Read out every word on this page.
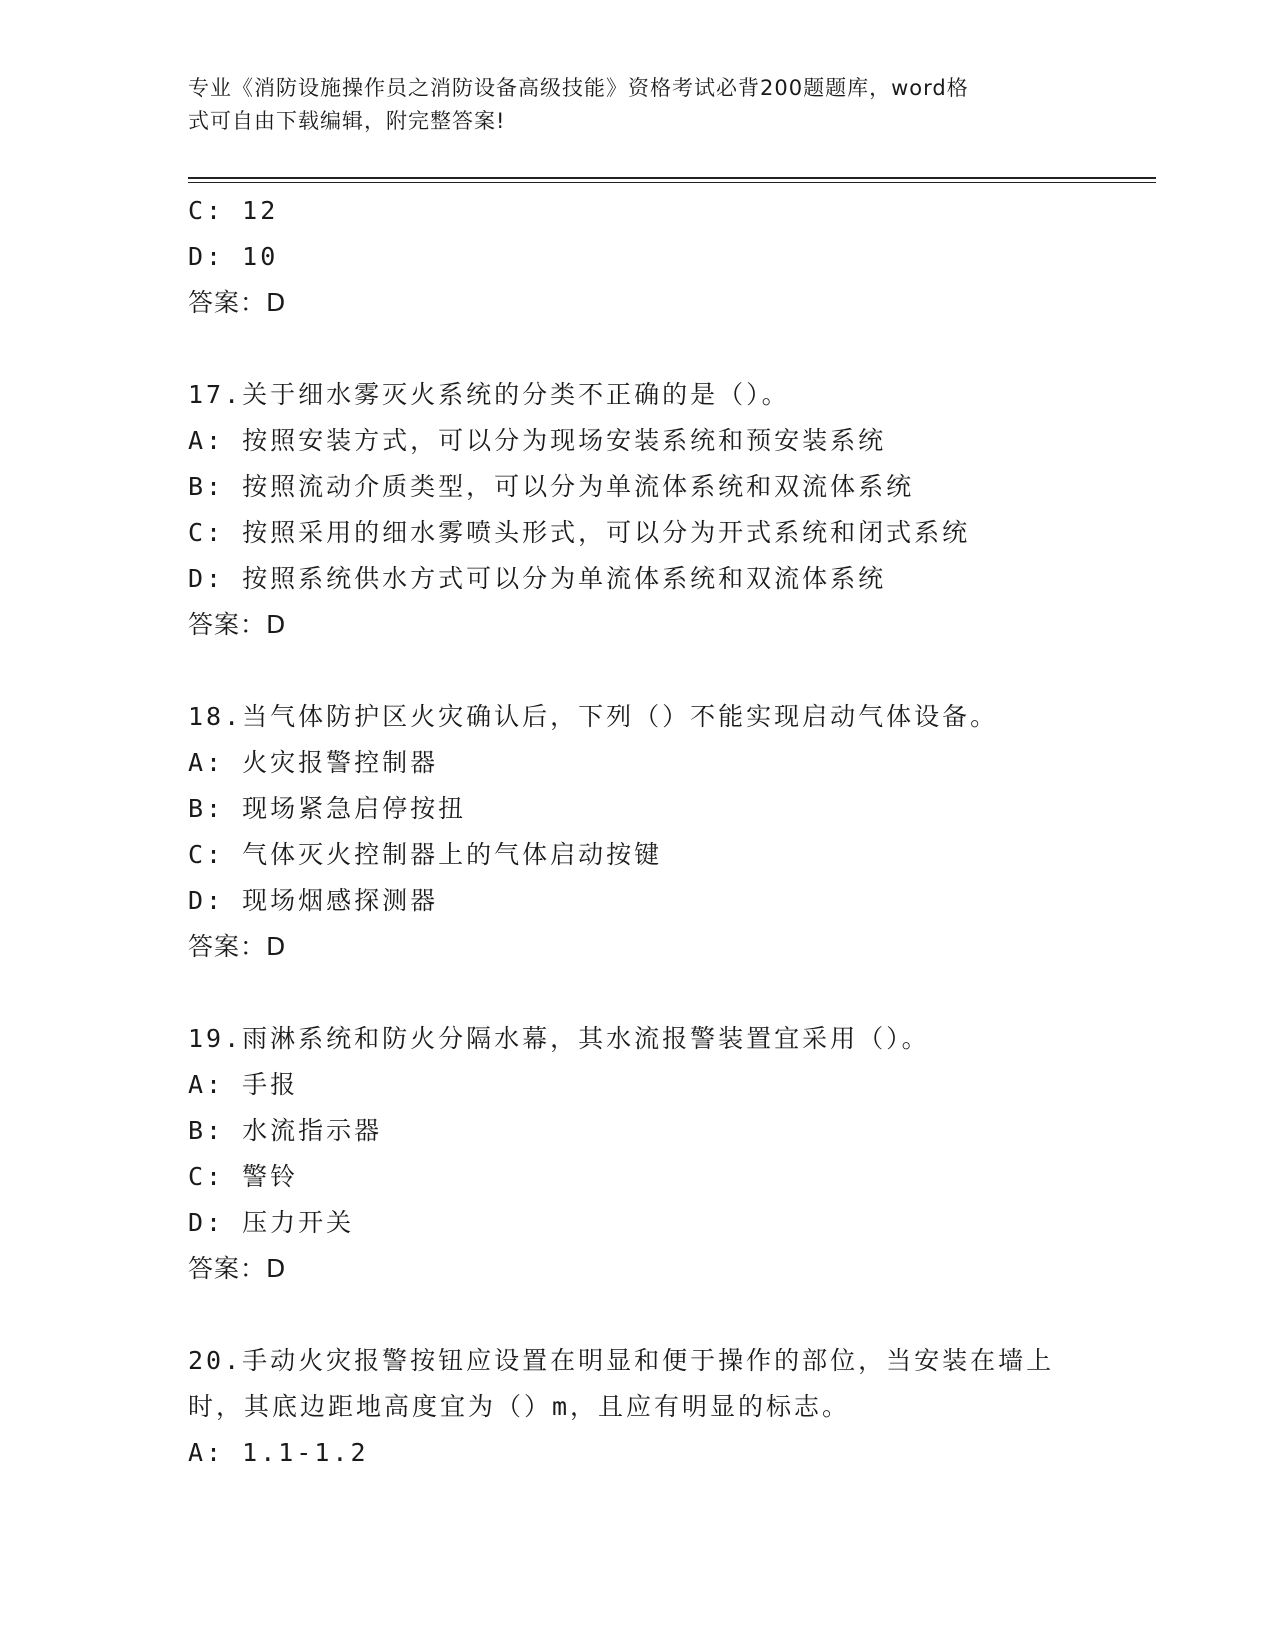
专业《消防设施操作员之消防设备高级技能》资格考试必背200题题库，word格
式可自由下载编辑，附完整答案!
C: 12
D: 10
答案：D
17.关于细水雾灭火系统的分类不正确的是（）。
A: 按照安装方式，可以分为现场安装系统和预安装系统
B: 按照流动介质类型，可以分为单流体系统和双流体系统
C: 按照采用的细水雾喷头形式，可以分为开式系统和闭式系统
D: 按照系统供水方式可以分为单流体系统和双流体系统
答案：D
18.当气体防护区火灾确认后，下列（）不能实现启动气体设备。
A: 火灾报警控制器
B: 现场紧急启停按扭
C: 气体灭火控制器上的气体启动按键
D: 现场烟感探测器
答案：D
19.雨淋系统和防火分隔水幕，其水流报警装置宜采用（）。
A: 手报
B: 水流指示器
C: 警铃
D: 压力开关
答案：D
20.手动火灾报警按钮应设置在明显和便于操作的部位，当安装在墙上
时，其底边距地高度宜为（）m，且应有明显的标志。
A: 1.1-1.2
